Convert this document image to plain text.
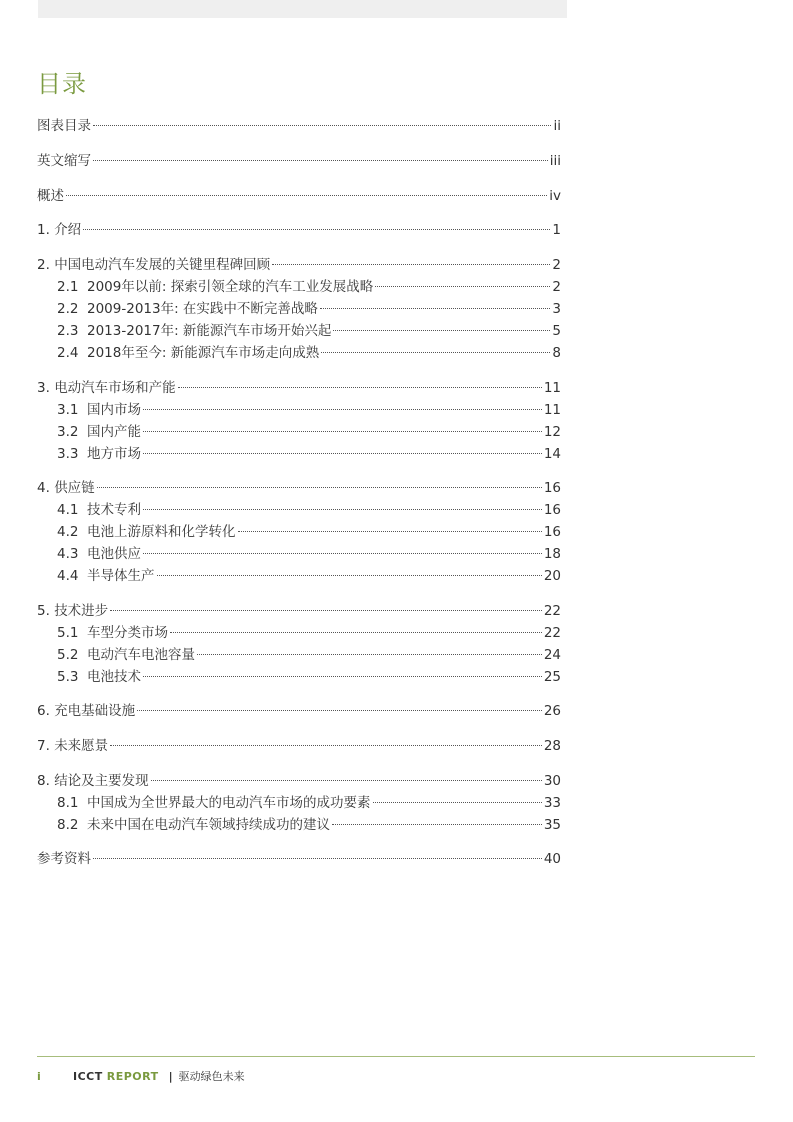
目录
图表目录	ii
英文缩写	iii
概述	iv
1. 介绍	1
2. 中国电动汽车发展的关键里程碑回顾	2
2.1 2009年以前: 探索引领全球的汽车工业发展战略	2
2.2 2009-2013年: 在实践中不断完善战略	3
2.3 2013-2017年: 新能源汽车市场开始兴起	5
2.4 2018年至今: 新能源汽车市场走向成熟	8
3. 电动汽车市场和产能	11
3.1 国内市场	11
3.2 国内产能	12
3.3 地方市场	14
4. 供应链	16
4.1 技术专利	16
4.2 电池上游原料和化学转化	16
4.3 电池供应	18
4.4 半导体生产	20
5. 技术进步	22
5.1 车型分类市场	22
5.2 电动汽车电池容量	24
5.3 电池技术	25
6. 充电基础设施	26
7. 未来愿景	28
8. 结论及主要发现	30
8.1 中国成为全世界最大的电动汽车市场的成功要素	33
8.2 未来中国在电动汽车领域持续成功的建议	35
参考资料	40
i	ICCT REPORT | 驱动绿色未来
